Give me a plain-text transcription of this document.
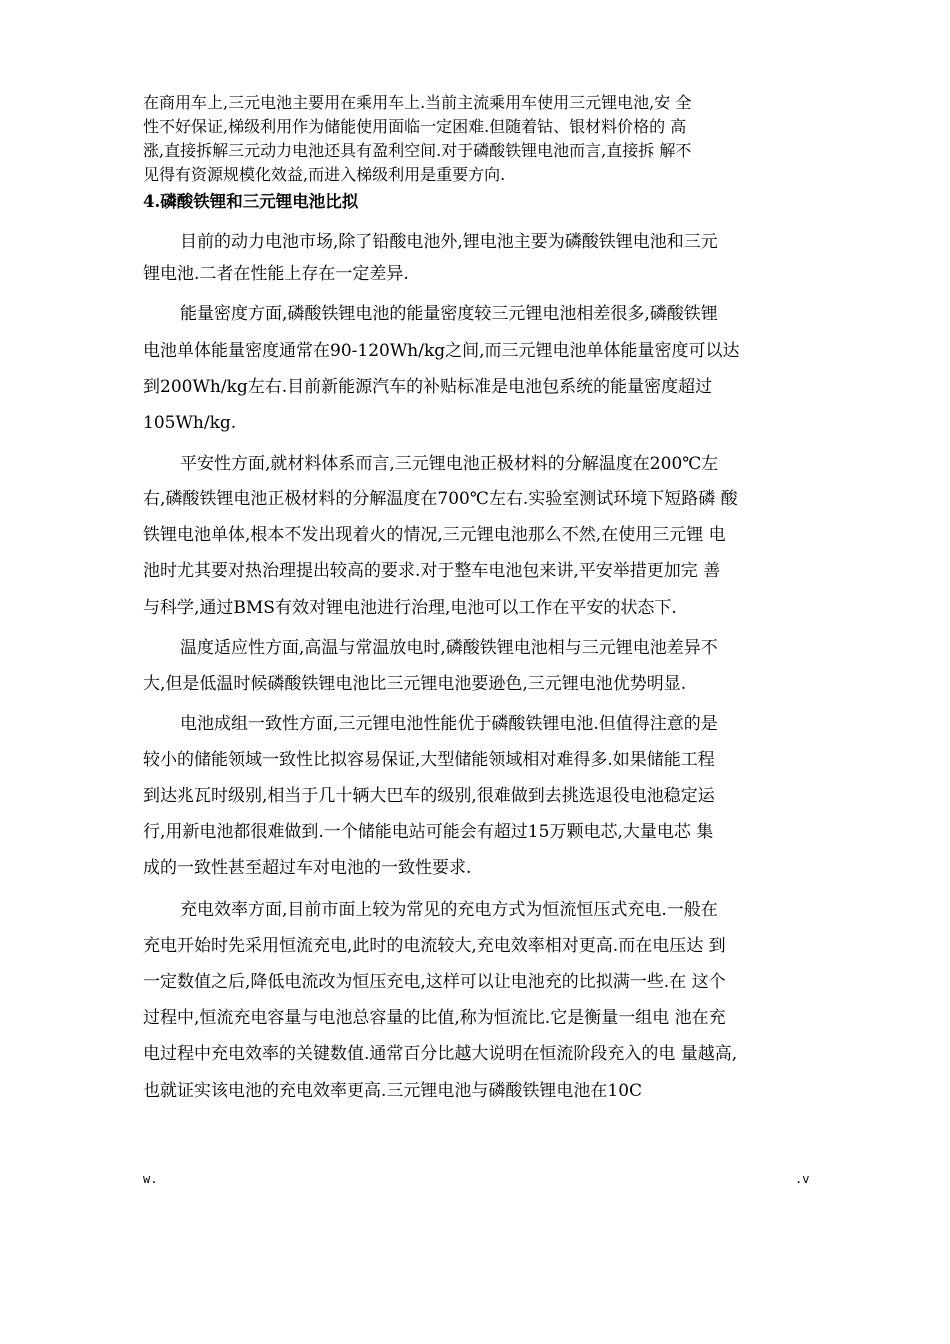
在商用车上,三元电池主要用在乘用车上.当前主流乘用车使用三元锂电池,安 全
性不好保证,梯级利用作为储能使用面临一定困难.但随着钴、银材料价格的 高
涨,直接拆解三元动力电池还具有盈利空间.对于磷酸铁锂电池而言,直接拆 解不
见得有资源规模化效益,而进入梯级利用是重要方向.
4.磷酸铁锂和三元锂电池比拟
目前的动力电池市场,除了铅酸电池外,锂电池主要为磷酸铁锂电池和三元
锂电池.二者在性能上存在一定差异.
能量密度方面,磷酸铁锂电池的能量密度较三元锂电池相差很多,磷酸铁锂
电池单体能量密度通常在90-120Wh/kg之间,而三元锂电池单体能量密度可以达
到200Wh/kg左右.目前新能源汽车的补贴标准是电池包系统的能量密度超过
105Wh/kg.
平安性方面,就材料体系而言,三元锂电池正极材料的分解温度在200℃左
右,磷酸铁锂电池正极材料的分解温度在700℃左右.实验室测试环境下短路磷 酸
铁锂电池单体,根本不发出现着火的情况,三元锂电池那么不然,在使用三元锂 电
池时尤其要对热治理提出较高的要求.对于整车电池包来讲,平安举措更加完 善
与科学,通过BMS有效对锂电池进行治理,电池可以工作在平安的状态下.
温度适应性方面,高温与常温放电时,磷酸铁锂电池相与三元锂电池差异不
大,但是低温时候磷酸铁锂电池比三元锂电池要逊色,三元锂电池优势明显.
电池成组一致性方面,三元锂电池性能优于磷酸铁锂电池.但值得注意的是
较小的储能领域一致性比拟容易保证,大型储能领域相对难得多.如果储能工程
到达兆瓦时级别,相当于几十辆大巴车的级别,很难做到去挑选退役电池稳定运
行,用新电池都很难做到.一个储能电站可能会有超过15万颗电芯,大量电芯 集
成的一致性甚至超过车对电池的一致性要求.
充电效率方面,目前市面上较为常见的充电方式为恒流恒压式充电.一般在
充电开始时先采用恒流充电,此时的电流较大,充电效率相对更高.而在电压达 到
一定数值之后,降低电流改为恒压充电,这样可以让电池充的比拟满一些.在 这个
过程中,恒流充电容量与电池总容量的比值,称为恒流比.它是衡量一组电 池在充
电过程中充电效率的关键数值.通常百分比越大说明在恒流阶段充入的电 量越高,
也就证实该电池的充电效率更高.三元锂电池与磷酸铁锂电池在10C
w.	.v
